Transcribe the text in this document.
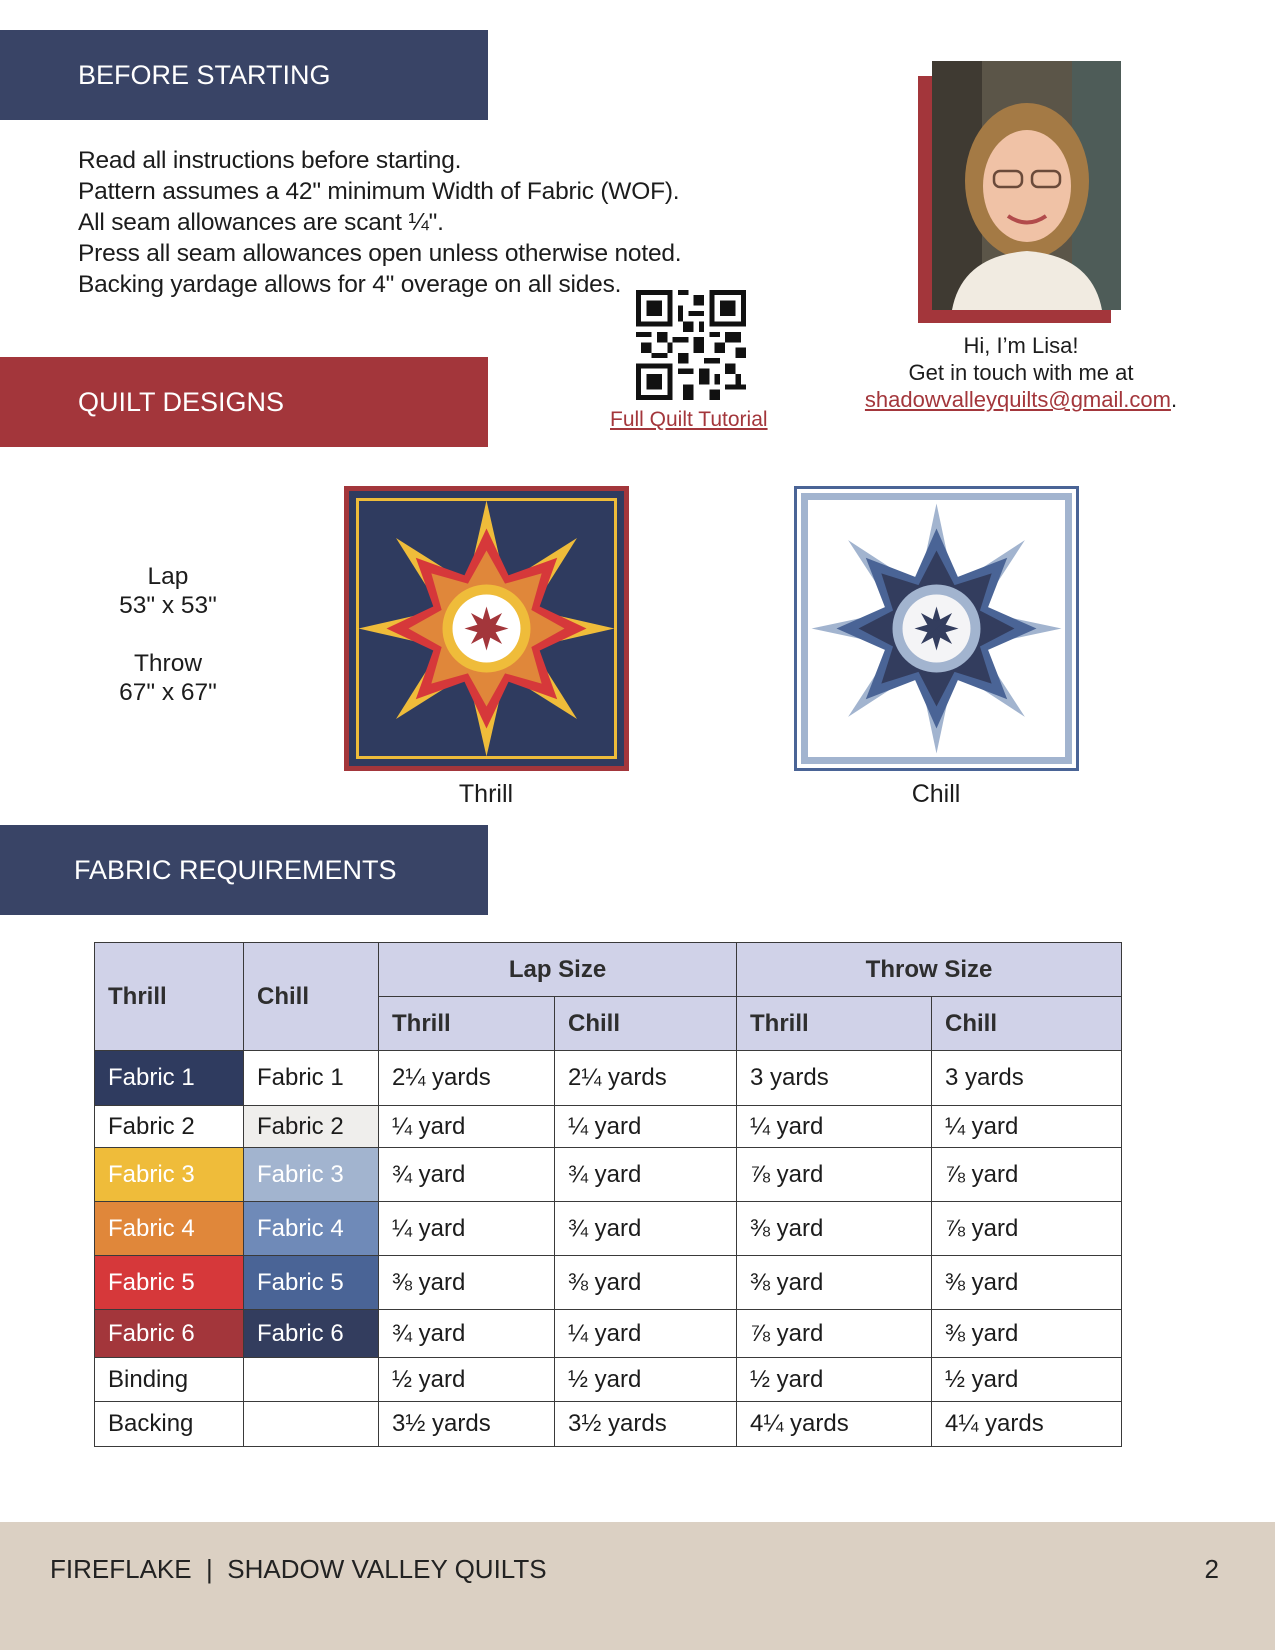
BEFORE STARTING
Read all instructions before starting.
Pattern assumes a 42" minimum Width of Fabric (WOF).
All seam allowances are scant ¼".
Press all seam allowances open unless otherwise noted.
Backing yardage allows for 4" overage on all sides.
Full Quilt Tutorial
Hi, I’m Lisa!
Get in touch with me at
shadowvalleyquilts@gmail.com.
QUILT DESIGNS
Lap
53" x 53"
Throw
67" x 67"
Thrill	Chill
FABRIC REQUIREMENTS
Thrill	Chill	Lap Size		Throw Size	
		Thrill	Chill	Thrill	Chill
Fabric 1	Fabric 1	2¼ yards	2¼ yards	3 yards	3 yards
Fabric 2	Fabric 2	¼ yard	¼ yard	¼ yard	¼ yard
Fabric 3	Fabric 3	¾ yard	¾ yard	⅞ yard	⅞ yard
Fabric 4	Fabric 4	¼ yard	¾ yard	⅜ yard	⅞ yard
Fabric 5	Fabric 5	⅜ yard	⅜ yard	⅜ yard	⅜ yard
Fabric 6	Fabric 6	¾ yard	¼ yard	⅞ yard	⅜ yard
Binding		½ yard	½ yard	½ yard	½ yard
Backing		3½ yards	3½ yards	4¼ yards	4¼ yards
FIREFLAKE  |  SHADOW VALLEY QUILTS	2
